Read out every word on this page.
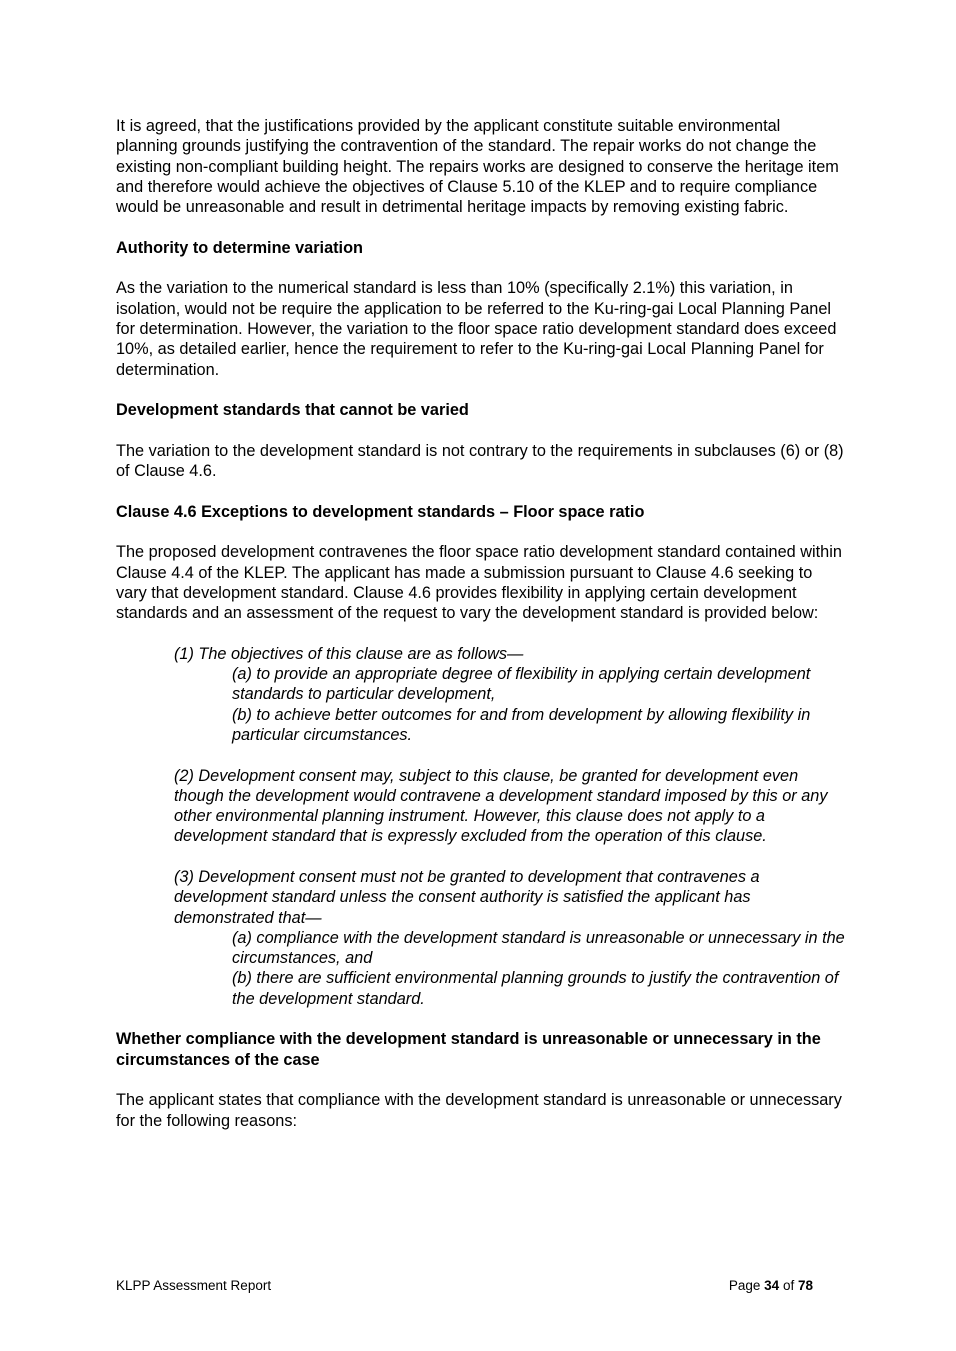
It is agreed, that the justifications provided by the applicant constitute suitable environmental planning grounds justifying the contravention of the standard. The repair works do not change the existing non-compliant building height. The repairs works are designed to conserve the heritage item and therefore would achieve the objectives of Clause 5.10 of the KLEP and to require compliance would be unreasonable and result in detrimental heritage impacts by removing existing fabric.

Authority to determine variation

As the variation to the numerical standard is less than 10% (specifically 2.1%) this variation, in isolation, would not be require the application to be referred to the Ku-ring-gai Local Planning Panel for determination. However, the variation to the floor space ratio development standard does exceed 10%, as detailed earlier, hence the requirement to refer to the Ku-ring-gai Local Planning Panel for determination.

Development standards that cannot be varied

The variation to the development standard is not contrary to the requirements in subclauses (6) or (8) of Clause 4.6.

Clause 4.6 Exceptions to development standards – Floor space ratio

The proposed development contravenes the floor space ratio development standard contained within Clause 4.4 of the KLEP. The applicant has made a submission pursuant to Clause 4.6 seeking to vary that development standard. Clause 4.6 provides flexibility in applying certain development standards and an assessment of the request to vary the development standard is provided below:

(1) The objectives of this clause are as follows—

(a) to provide an appropriate degree of flexibility in applying certain development standards to particular development,

(b) to achieve better outcomes for and from development by allowing flexibility in particular circumstances.

(2) Development consent may, subject to this clause, be granted for development even though the development would contravene a development standard imposed by this or any other environmental planning instrument. However, this clause does not apply to a development standard that is expressly excluded from the operation of this clause.

(3) Development consent must not be granted to development that contravenes a development standard unless the consent authority is satisfied the applicant has demonstrated that—

(a) compliance with the development standard is unreasonable or unnecessary in the circumstances, and

(b) there are sufficient environmental planning grounds to justify the contravention of the development standard.

Whether compliance with the development standard is unreasonable or unnecessary in the circumstances of the case

The applicant states that compliance with the development standard is unreasonable or unnecessary for the following reasons:

KLPP Assessment Report	Page 34 of 78
